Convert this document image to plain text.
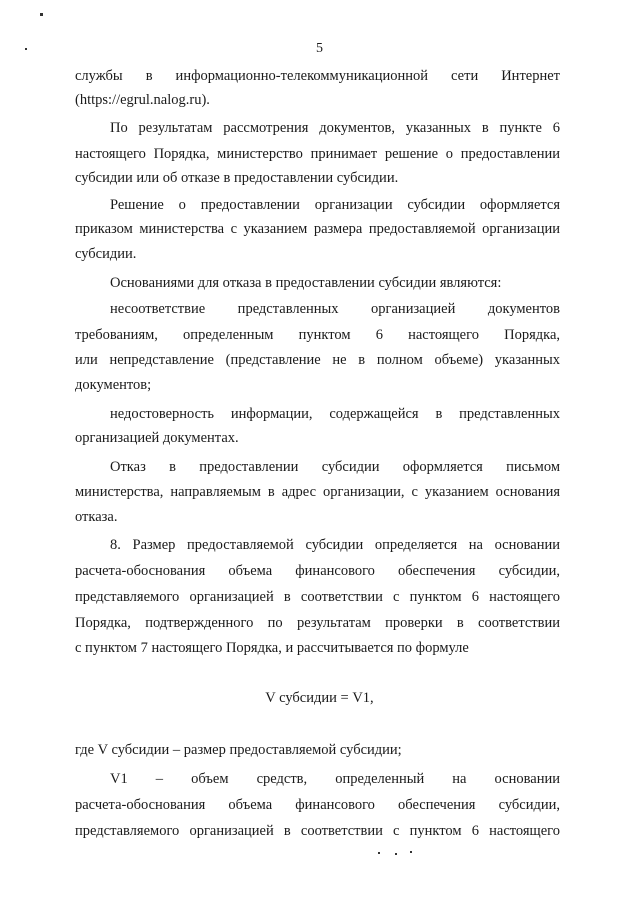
5
службы в информационно-телекоммуникационной сети Интернет
(https://egrul.nalog.ru).
По результатам рассмотрения документов, указанных в пункте 6
настоящего Порядка, министерство принимает решение о предоставлении
субсидии или об отказе в предоставлении субсидии.
Решение о предоставлении организации субсидии оформляется
приказом министерства с указанием размера предоставляемой организации
субсидии.
Основаниями для отказа в предоставлении субсидии являются:
несоответствие представленных организацией документов
требованиям, определенным пунктом 6 настоящего Порядка,
или непредставление (представление не в полном объеме) указанных
документов;
недостоверность информации, содержащейся в представленных
организацией документах.
Отказ в предоставлении субсидии оформляется письмом
министерства, направляемым в адрес организации, с указанием основания
отказа.
8. Размер предоставляемой субсидии определяется на основании
расчета-обоснования объема финансового обеспечения субсидии,
представляемого организацией в соответствии с пунктом 6 настоящего
Порядка, подтвержденного по результатам проверки в соответствии
с пунктом 7 настоящего Порядка, и рассчитывается по формуле
V субсидии = V1,
где V субсидии – размер предоставляемой субсидии;
V1 – объем средств, определенный на основании
расчета-обоснования объема финансового обеспечения субсидии,
представляемого организацией в соответствии с пунктом 6 настоящего
